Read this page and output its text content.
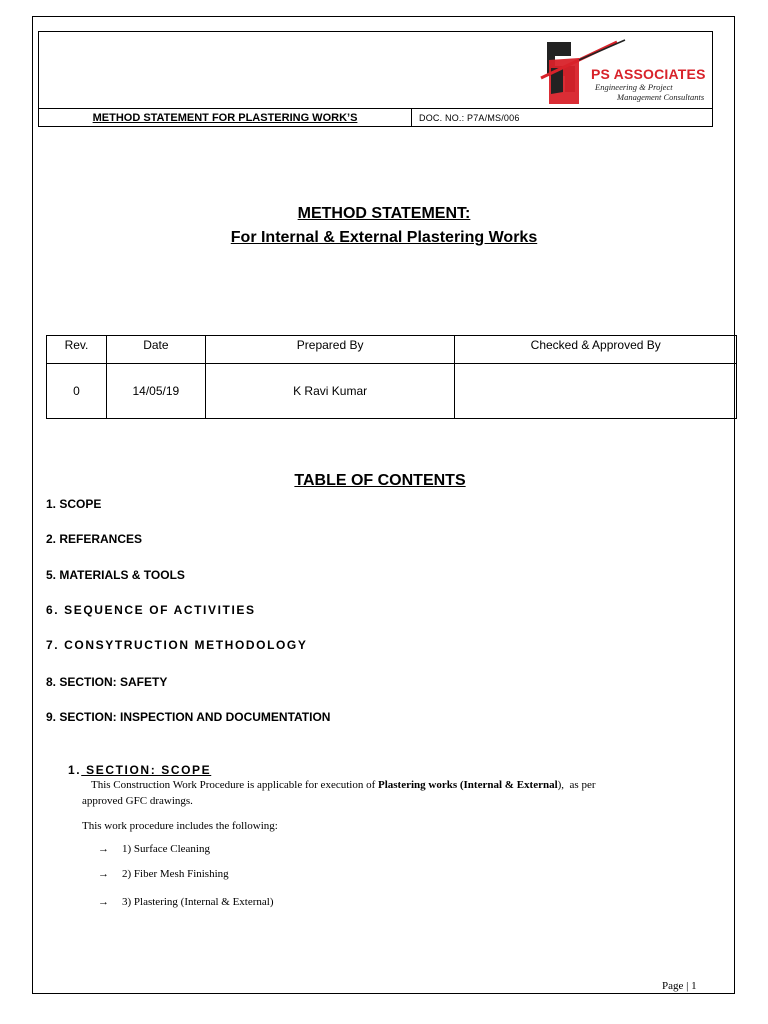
PS ASSOCIATES
Engineering & Project
Management Consultants
METHOD STATEMENT FOR PLASTERING WORK’S	DOC. NO.: P7A/MS/006
METHOD STATEMENT:
For Internal & External Plastering Works
Rev.	Date	Prepared By	Checked & Approved By
0	14/05/19	K Ravi Kumar	
TABLE OF CONTENTS
1. SCOPE
2. REFERANCES
5. MATERIALS & TOOLS
6. SEQUENCE OF ACTIVITIES
7. CONSYTRUCTION METHODOLOGY
8. SECTION: SAFETY
9. SECTION: INSPECTION AND DOCUMENTATION
1. SECTION: SCOPE
This Construction Work Procedure is applicable for execution of Plastering works (Internal & External),  as per
approved GFC drawings.
This work procedure includes the following:
→ 1) Surface Cleaning
→ 2) Fiber Mesh Finishing
→ 3) Plastering (Internal & External)
Page | 1
